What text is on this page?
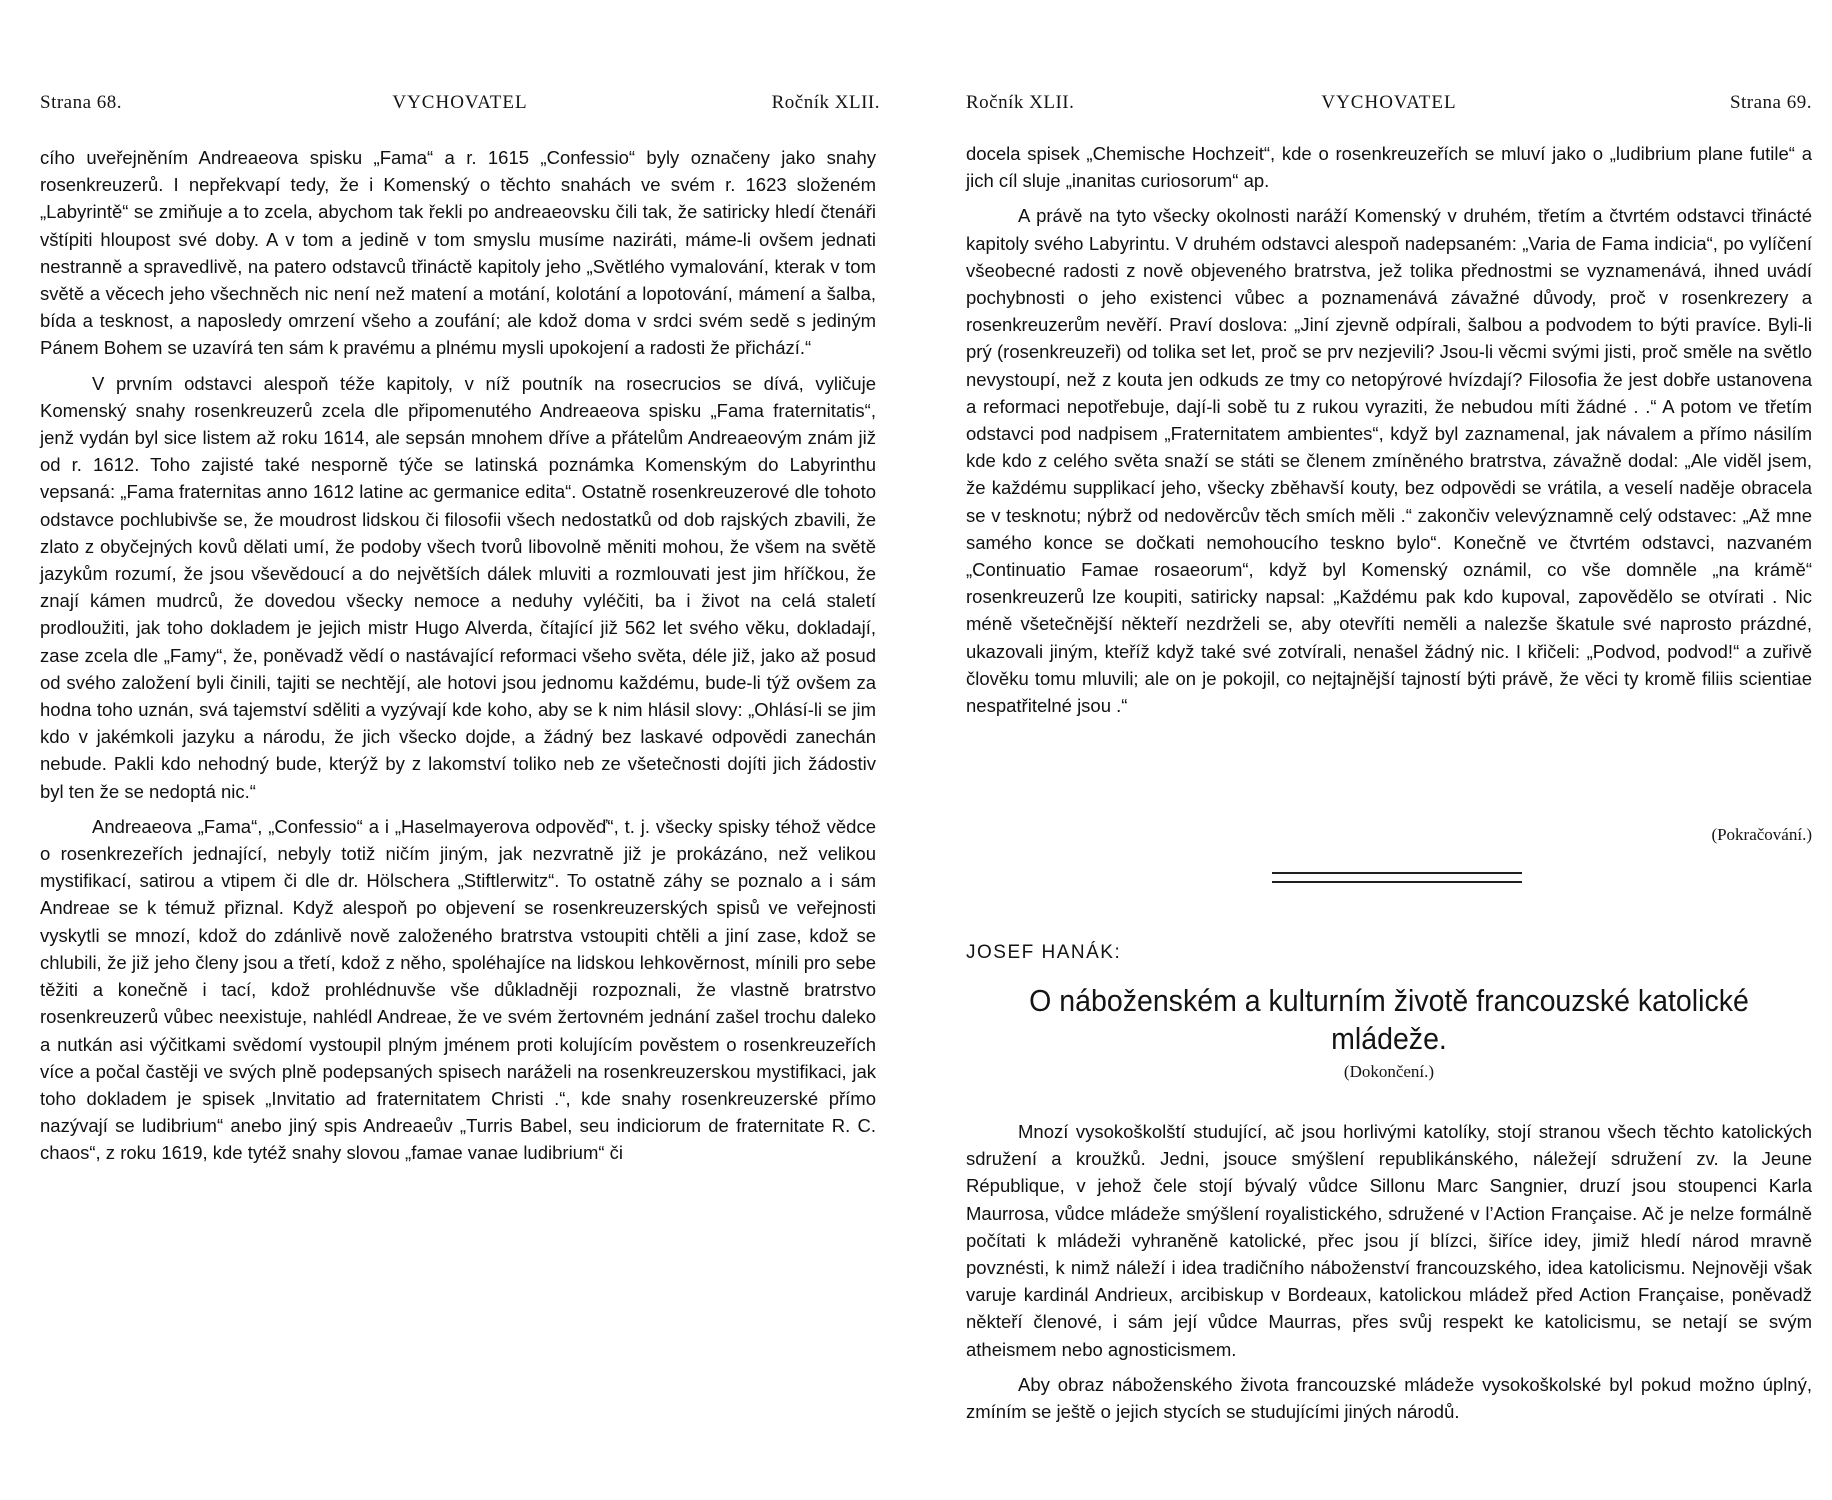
Strana 68.	VYCHOVATEL	Ročník XLII.

cího uveřejněním Andreaeova spisku „Fama“ a r. 1615 „Confessio“ byly označeny jako snahy rosenkreuzerů. I nepřekvapí tedy, že i Komenský o těchto snahách ve svém r. 1623 složeném „Labyrintě“ se zmiňuje a to zcela, abychom tak řekli po andreaeovsku čili tak, že satiricky hledí čtenáři vštípiti hloupost své doby. A v tom a jedině v tom smyslu musíme naziráti, máme-li ovšem jednati nestranně a spravedlivě, na patero odstavců třináctě kapitoly jeho „Světlého vymalování, kterak v tom světě a věcech jeho všechněch nic není než matení a motání, kolotání a lopotování, mámení a šalba, bída a tesknost, a naposledy omrzení všeho a zoufání; ale kdož doma v srdci svém sedě s jediným Pánem Bohem se uzavírá ten sám k pravému a plnému mysli upokojení a radosti že přichází.“

V prvním odstavci alespoň téže kapitoly, v níž poutník na rosecrucios se dívá, vyličuje Komenský snahy rosenkreuzerů zcela dle připomenutého Andreaeova spisku „Fama fraternitatis“, jenž vydán byl sice listem až roku 1614, ale sepsán mnohem dříve a přátelům Andreaeovým znám již od r. 1612. Toho zajisté také nesporně týče se latinská poznámka Komenským do Labyrinthu vepsaná: „Fama fraternitas anno 1612 latine ac germanice edita“. Ostatně rosenkreuzerové dle tohoto odstavce pochlubivše se, že moudrost lidskou či filosofii všech nedostatků od dob rajských zbavili, že zlato z obyčejných kovů dělati umí, že podoby všech tvorů libovolně měniti mohou, že všem na světě jazykům rozumí, že jsou vševědoucí a do největších dálek mluviti a rozmlouvati jest jim hříčkou, že znají kámen mudrců, že dovedou všecky nemoce a neduhy vyléčiti, ba i život na celá staletí prodloužiti, jak toho dokladem je jejich mistr Hugo Alverda, čítající již 562 let svého věku, dokladají, zase zcela dle „Famy“, že, poněvadž vědí o nastávající reformaci všeho světa, déle již, jako až posud od svého založení byli činili, tajiti se nechtějí, ale hotovi jsou jednomu každému, bude-li týž ovšem za hodna toho uznán, svá tajemství sděliti a vyzývají kde koho, aby se k nim hlásil slovy: „Ohlásí-li se jim kdo v jakémkoli jazyku a národu, že jich všecko dojde, a žádný bez laskavé odpovědi zanechán nebude. Pakli kdo nehodný bude, kterýž by z lakomství toliko neb ze všetečnosti dojíti jich žádostiv byl ten že se nedoptá nic.“

Andreaeova „Fama“, „Confessio“ a i „Haselmayerova odpověď“, t. j. všecky spisky téhož vědce o rosenkrezeřích jednající, nebyly totiž ničím jiným, jak nezvratně již je prokázáno, než velikou mystifikací, satirou a vtipem či dle dr. Hölschera „Stiftlerwitz“. To ostatně záhy se poznalo a i sám Andreae se k témuž přiznal. Když alespoň po objevení se rosenkreuzerských spisů ve veřejnosti vyskytli se mnozí, kdož do zdánlivě nově založeného bratrstva vstoupiti chtěli a jiní zase, kdož se chlubili, že již jeho členy jsou a třetí, kdož z něho, spoléhajíce na lidskou lehkověrnost, mínili pro sebe těžiti a konečně i tací, kdož prohlédnuvše vše důkladněji rozpoznali, že vlastně bratrstvo rosenkreuzerů vůbec neexistuje, nahlédl Andreae, že ve svém žertovném jednání zašel trochu daleko a nutkán asi výčitkami svědomí vystoupil plným jménem proti kolujícím pověstem o rosenkreuzeřích více a počal častěji ve svých plně podepsaných spisech naráželi na rosenkreuzerskou mystifikaci, jak toho dokladem je spisek „Invitatio ad fraternitatem Christi .“, kde snahy rosenkreuzerské přímo nazývají se ludibrium“ anebo jiný spis Andreaeův „Turris Babel, seu indiciorum de fraternitate R. C. chaos“, z roku 1619, kde tytéž snahy slovou „famae vanae ludibrium“ či

Ročník XLII.	VYCHOVATEL	Strana 69.

docela spisek „Chemische Hochzeit“, kde o rosenkreuzeřích se mluví jako o „ludibrium plane futile“ a jich cíl sluje „inanitas curiosorum“ ap.

A právě na tyto všecky okolnosti naráží Komenský v druhém, třetím a čtvrtém odstavci třinácté kapitoly svého Labyrintu. V druhém odstavci alespoň nadepsaném: „Varia de Fama indicia“, po vylíčení všeobecné radosti z nově objeveného bratrstva, jež tolika přednostmi se vyznamenává, ihned uvádí pochybnosti o jeho existenci vůbec a poznamenává závažné důvody, proč v rosenkrezery a rosenkreuzerům nevěří. Praví doslova: „Jiní zjevně odpírali, šalbou a podvodem to býti pravíce. Byli-li prý (rosenkreuzeři) od tolika set let, proč se prv nezjevili? Jsou-li věcmi svými jisti, proč směle na světlo nevystoupí, než z kouta jen odkuds ze tmy co netopýrové hvízdají? Filosofia že jest dobře ustanovena a reformaci nepotřebuje, dají-li sobě tu z rukou vyraziti, že nebudou míti žádné . .“ A potom ve třetím odstavci pod nadpisem „Fraternitatem ambientes“, když byl zaznamenal, jak návalem a přímo násilím kde kdo z celého světa snaží se státi se členem zmíněného bratrstva, závažně dodal: „Ale viděl jsem, že každému supplikací jeho, všecky zběhavší kouty, bez odpovědi se vrátila, a veselí naděje obracela se v tesknotu; nýbrž od nedověrcův těch smích měli .“ zakončiv velevýznamně celý odstavec: „Až mne samého konce se dočkati nemohoucího teskno bylo“. Konečně ve čtvrtém odstavci, nazvaném „Continuatio Famae rosaeorum“, když byl Komenský oznámil, co vše domněle „na krámě“ rosenkreuzerů lze koupiti, satiricky napsal: „Každému pak kdo kupoval, zapovědělo se otvírati . Nic méně všetečnější někteří nezdrželi se, aby otevříti neměli a nalezše škatule své naprosto prázdné, ukazovali jiným, kteříž když také své zotvírali, nenašel žádný nic. I křičeli: „Podvod, podvod!“ a zuřivě člověku tomu mluvili; ale on je pokojil, co nejtajnější tajností býti právě, že věci ty kromě filiis scientiae nespatřitelné jsou .“

(Pokračování.)
JOSEF HANÁK:
O náboženském a kulturním životě francouzské katolické mládeže.
(Dokončení.)

Mnozí vysokoškolští studující, ač jsou horlivými katolíky, stojí stranou všech těchto katolických sdružení a kroužků. Jedni, jsouce smýšlení republikánského, náležejí sdružení zv. la Jeune République, v jehož čele stojí bývalý vůdce Sillonu Marc Sangnier, druzí jsou stoupenci Karla Maurrosa, vůdce mládeže smýšlení royalistického, sdružené v l’Action Française. Ač je nelze formálně počítati k mládeži vyhraněně katolické, přec jsou jí blízci, šiříce idey, jimiž hledí národ mravně povznésti, k nimž náleží i idea tradičního náboženství francouzského, idea katolicismu. Nejnověji však varuje kardinál Andrieux, arcibiskup v Bordeaux, katolickou mládež před Action Française, poněvadž někteří členové, i sám její vůdce Maurras, přes svůj respekt ke katolicismu, se netají se svým atheismem nebo agnosticismem.

Aby obraz náboženského života francouzské mládeže vysokoškolské byl pokud možno úplný, zmíním se ještě o jejich stycích se studujícími jiných národů.
